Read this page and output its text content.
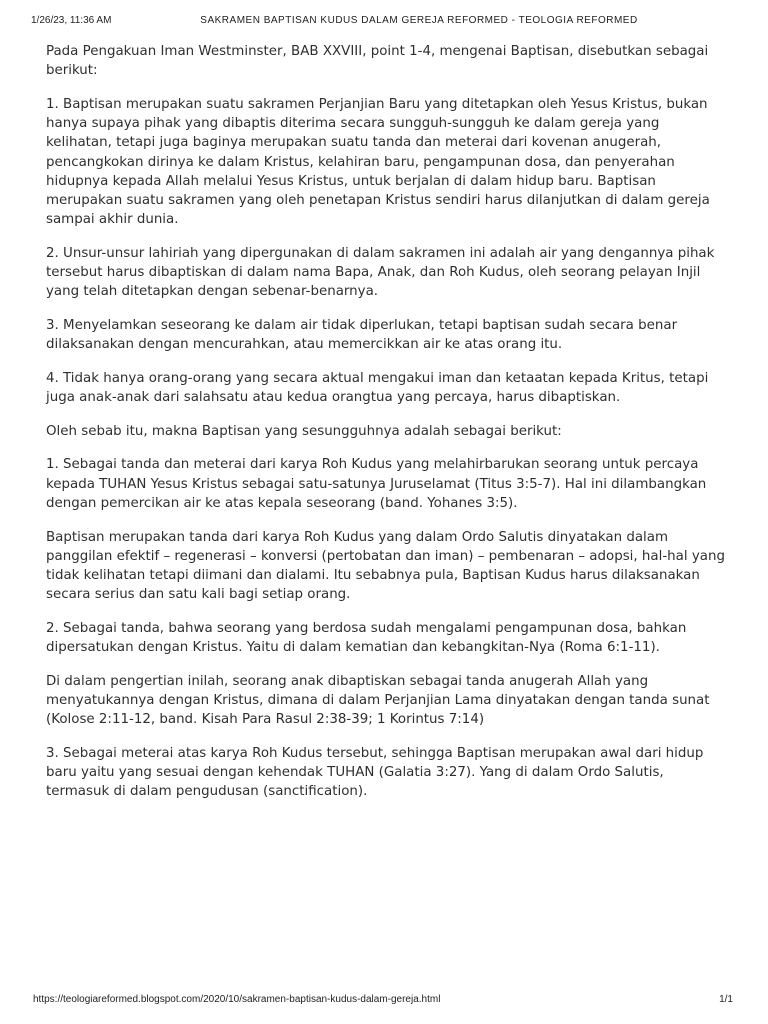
1/26/23, 11:36 AM	SAKRAMEN BAPTISAN KUDUS DALAM GEREJA REFORMED - TEOLOGIA REFORMED

Pada Pengakuan Iman Westminster, BAB XXVIII, point 1-4, mengenai Baptisan, disebutkan sebagai berikut:

1. Baptisan merupakan suatu sakramen Perjanjian Baru yang ditetapkan oleh Yesus Kristus, bukan hanya supaya pihak yang dibaptis diterima secara sungguh-sungguh ke dalam gereja yang kelihatan, tetapi juga baginya merupakan suatu tanda dan meterai dari kovenan anugerah, pencangkokan dirinya ke dalam Kristus, kelahiran baru, pengampunan dosa, dan penyerahan hidupnya kepada Allah melalui Yesus Kristus, untuk berjalan di dalam hidup baru. Baptisan merupakan suatu sakramen yang oleh penetapan Kristus sendiri harus dilanjutkan di dalam gereja sampai akhir dunia.

2. Unsur-unsur lahiriah yang dipergunakan di dalam sakramen ini adalah air yang dengannya pihak tersebut harus dibaptiskan di dalam nama Bapa, Anak, dan Roh Kudus, oleh seorang pelayan Injil yang telah ditetapkan dengan sebenar-benarnya.

3. Menyelamkan seseorang ke dalam air tidak diperlukan, tetapi baptisan sudah secara benar dilaksanakan dengan mencurahkan, atau memercikkan air ke atas orang itu.

4. Tidak hanya orang-orang yang secara aktual mengakui iman dan ketaatan kepada Kritus, tetapi juga anak-anak dari salahsatu atau kedua orangtua yang percaya, harus dibaptiskan.

Oleh sebab itu, makna Baptisan yang sesungguhnya adalah sebagai berikut:

1. Sebagai tanda dan meterai dari karya Roh Kudus yang melahirbarukan seorang untuk percaya kepada TUHAN Yesus Kristus sebagai satu-satunya Juruselamat (Titus 3:5-7). Hal ini dilambangkan dengan pemercikan air ke atas kepala seseorang (band. Yohanes 3:5).

Baptisan merupakan tanda dari karya Roh Kudus yang dalam Ordo Salutis dinyatakan dalam panggilan efektif – regenerasi – konversi (pertobatan dan iman) – pembenaran – adopsi, hal-hal yang tidak kelihatan tetapi diimani dan dialami. Itu sebabnya pula, Baptisan Kudus harus dilaksanakan secara serius dan satu kali bagi setiap orang.

2. Sebagai tanda, bahwa seorang yang berdosa sudah mengalami pengampunan dosa, bahkan dipersatukan dengan Kristus. Yaitu di dalam kematian dan kebangkitan-Nya (Roma 6:1-11).

Di dalam pengertian inilah, seorang anak dibaptiskan sebagai tanda anugerah Allah yang menyatukannya dengan Kristus, dimana di dalam Perjanjian Lama dinyatakan dengan tanda sunat (Kolose 2:11-12, band. Kisah Para Rasul 2:38-39; 1 Korintus 7:14)

3. Sebagai meterai atas karya Roh Kudus tersebut, sehingga Baptisan merupakan awal dari hidup baru yaitu yang sesuai dengan kehendak TUHAN (Galatia 3:27). Yang di dalam Ordo Salutis, termasuk di dalam pengudusan (sanctification).

https://teologiareformed.blogspot.com/2020/10/sakramen-baptisan-kudus-dalam-gereja.html	1/1
